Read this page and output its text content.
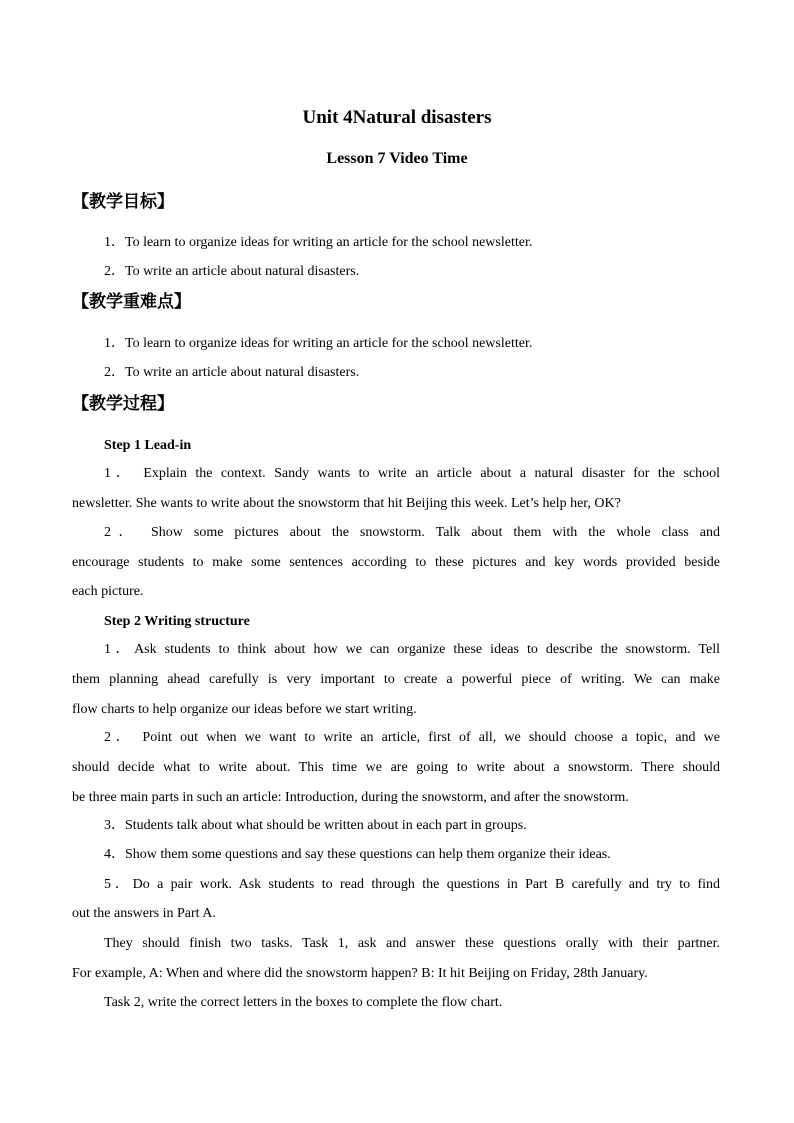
Unit 4Natural disasters
Lesson 7 Video Time
【教学目标】
1．To learn to organize ideas for writing an article for the school newsletter.
2．To write an article about natural disasters.
【教学重难点】
1．To learn to organize ideas for writing an article for the school newsletter.
2．To write an article about natural disasters.
【教学过程】
Step 1 Lead-in
1． Explain the context. Sandy wants to write an article about a natural disaster for the school
newsletter. She wants to write about the snowstorm that hit Beijing this week. Let’s help her, OK?
2． Show some pictures about the snowstorm. Talk about them with the whole class and
encourage students to make some sentences according to these pictures and key words provided beside
each picture.
Step 2 Writing structure
1．Ask students to think about how we can organize these ideas to describe the snowstorm. Tell
them planning ahead carefully is very important to create a powerful piece of writing. We can make
flow charts to help organize our ideas before we start writing.
2． Point out when we want to write an article, first of all, we should choose a topic, and we
should decide what to write about. This time we are going to write about a snowstorm. There should
be three main parts in such an article: Introduction, during the snowstorm, and after the snowstorm.
3．Students talk about what should be written about in each part in groups.
4．Show them some questions and say these questions can help them organize their ideas.
5．Do a pair work. Ask students to read through the questions in Part B carefully and try to find
out the answers in Part A.
They should finish two tasks. Task 1, ask and answer these questions orally with their partner.
For example, A: When and where did the snowstorm happen? B: It hit Beijing on Friday, 28th January.
Task 2, write the correct letters in the boxes to complete the flow chart.
